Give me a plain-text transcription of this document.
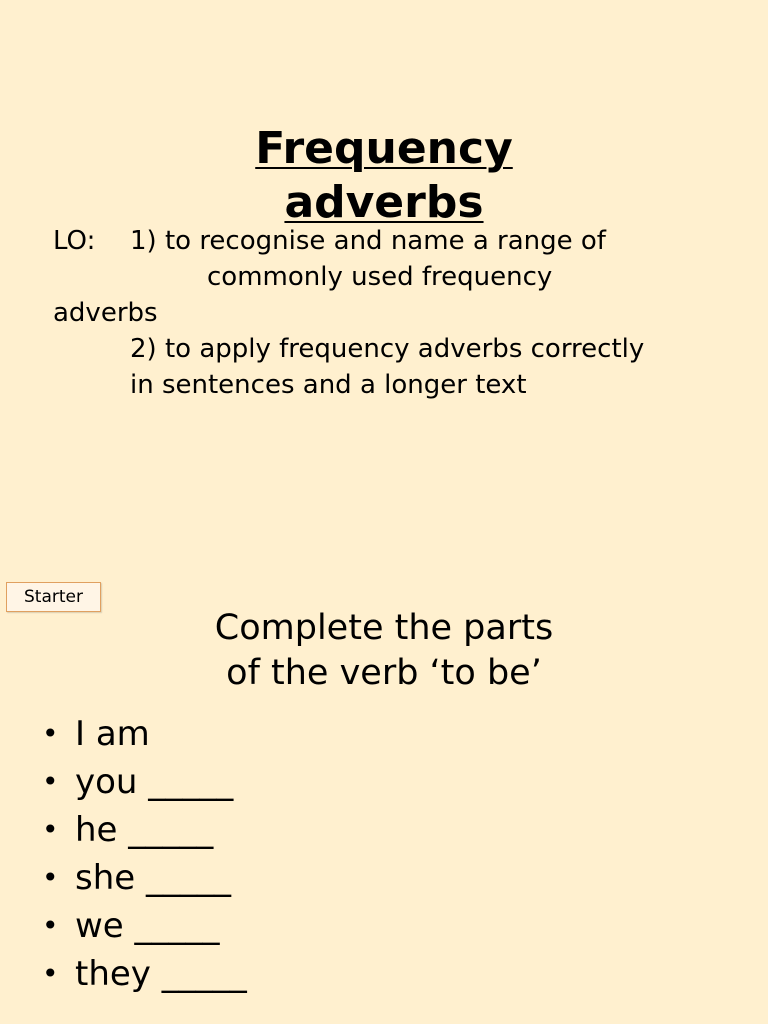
Frequency
adverbs
LO: 1) to recognise and name a range of
commonly used frequency
adverbs
2) to apply frequency adverbs correctly
in sentences and a longer text
Starter
Complete the parts
of the verb ‘to be’
• I am
• you _____
• he _____
• she _____
• we _____
• they _____
